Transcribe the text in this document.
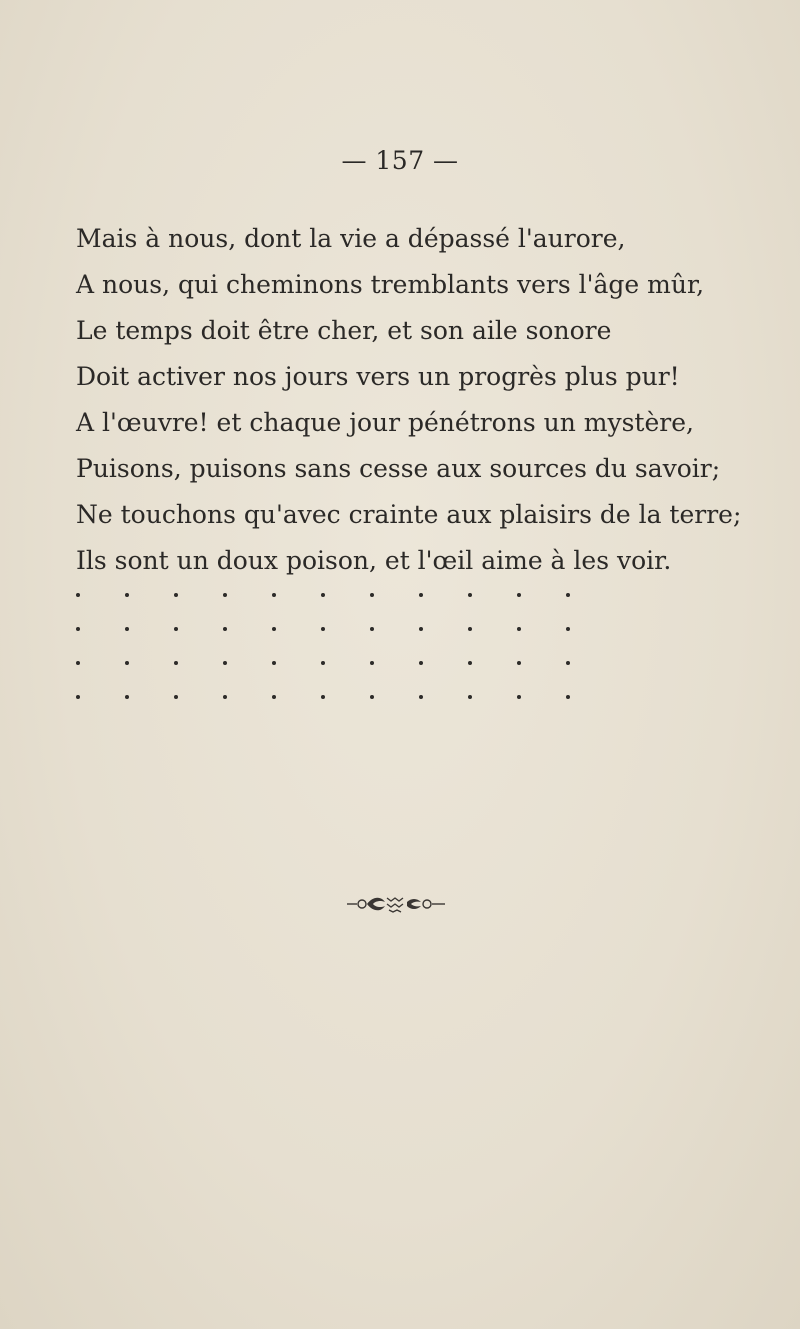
— 157 —
Mais à nous, dont la vie a dépassé l'aurore,
A nous, qui cheminons tremblants vers l'âge mûr,
Le temps doit être cher, et son aile sonore
Doit activer nos jours vers un progrès plus pur!
A l'œuvre! et chaque jour pénétrons un mystère,
Puisons, puisons sans cesse aux sources du savoir;
Ne touchons qu'avec crainte aux plaisirs de la terre;
Ils sont un doux poison, et l'œil aime à les voir.
